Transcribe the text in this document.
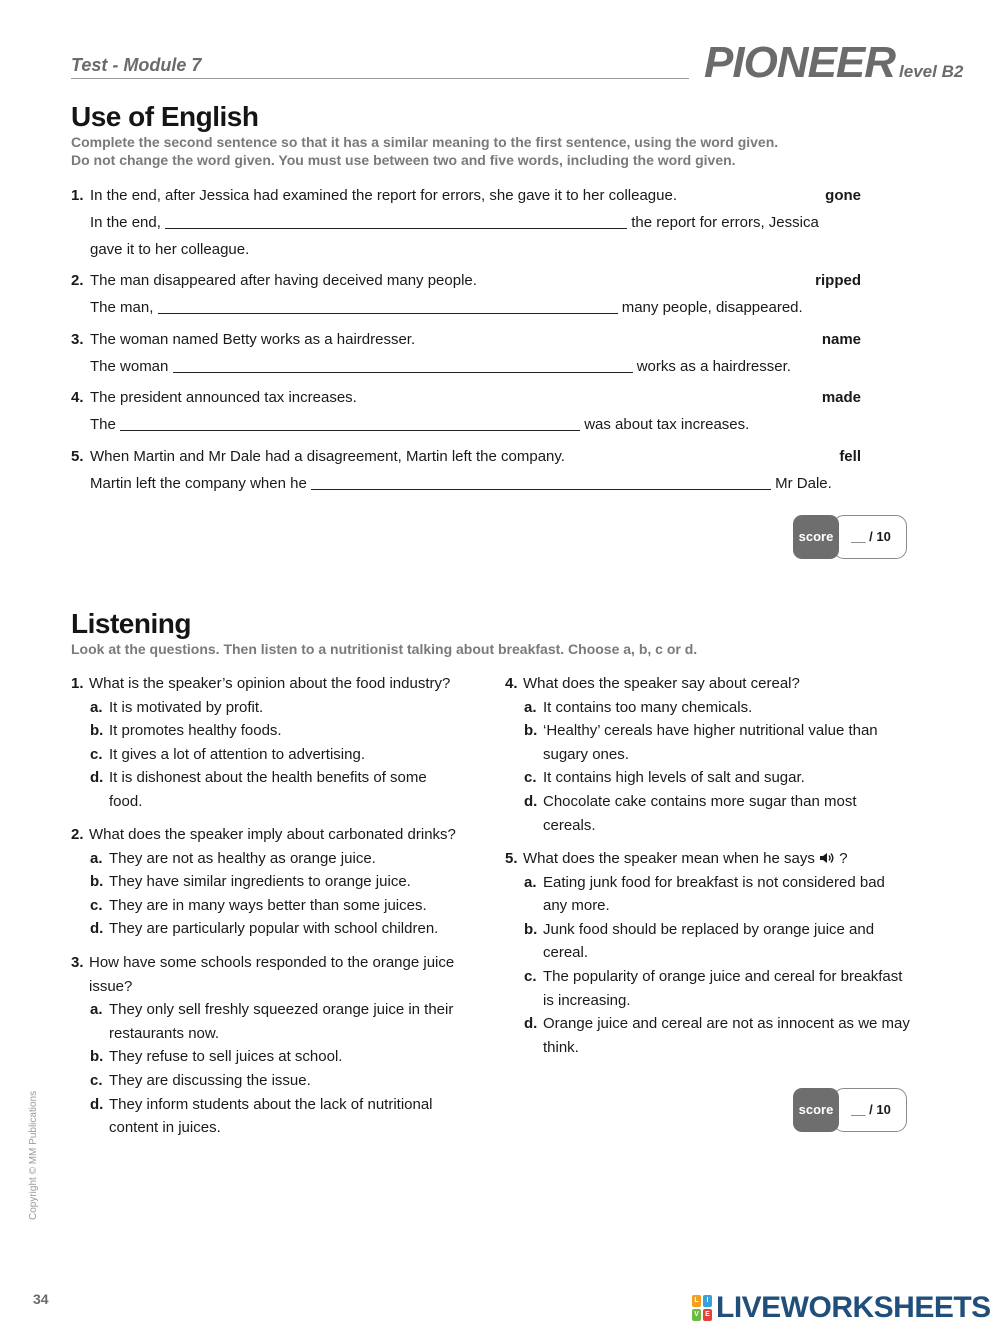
Test - Module 7	PIONEER level B2
Use of English
Complete the second sentence so that it has a similar meaning to the first sentence, using the word given.
Do not change the word given. You must use between two and five words, including the word given.
1. In the end, after Jessica had examined the report for errors, she gave it to her colleague.	gone
In the end,	the report for errors, Jessica
gave it to her colleague.
2. The man disappeared after having deceived many people.	ripped
The man,	many people, disappeared.
3. The woman named Betty works as a hairdresser.	name
The woman	works as a hairdresser.
4. The president announced tax increases.	made
The	was about tax increases.
5. When Martin and Mr Dale had a disagreement, Martin left the company.	fell
Martin left the company when he	Mr Dale.
score	__ / 10
Listening
Look at the questions. Then listen to a nutritionist talking about breakfast. Choose a, b, c or d.
1. What is the speaker’s opinion about the food industry?
a. It is motivated by profit.
b. It promotes healthy foods.
c. It gives a lot of attention to advertising.
d. It is dishonest about the health benefits of some food.
2. What does the speaker imply about carbonated drinks?
a. They are not as healthy as orange juice.
b. They have similar ingredients to orange juice.
c. They are in many ways better than some juices.
d. They are particularly popular with school children.
3. How have some schools responded to the orange juice issue?
a. They only sell freshly squeezed orange juice in their restaurants now.
b. They refuse to sell juices at school.
c. They are discussing the issue.
d. They inform students about the lack of nutritional content in juices.
4. What does the speaker say about cereal?
a. It contains too many chemicals.
b. ‘Healthy’ cereals have higher nutritional value than sugary ones.
c. It contains high levels of salt and sugar.
d. Chocolate cake contains more sugar than most cereals.
5. What does the speaker mean when he says ?
a. Eating junk food for breakfast is not considered bad any more.
b. Junk food should be replaced by orange juice and cereal.
c. The popularity of orange juice and cereal for breakfast is increasing.
d. Orange juice and cereal are not as innocent as we may think.
score	__ / 10
Copyright © MM Publications
34	L	I
V E LIVEWORKSHEETS
